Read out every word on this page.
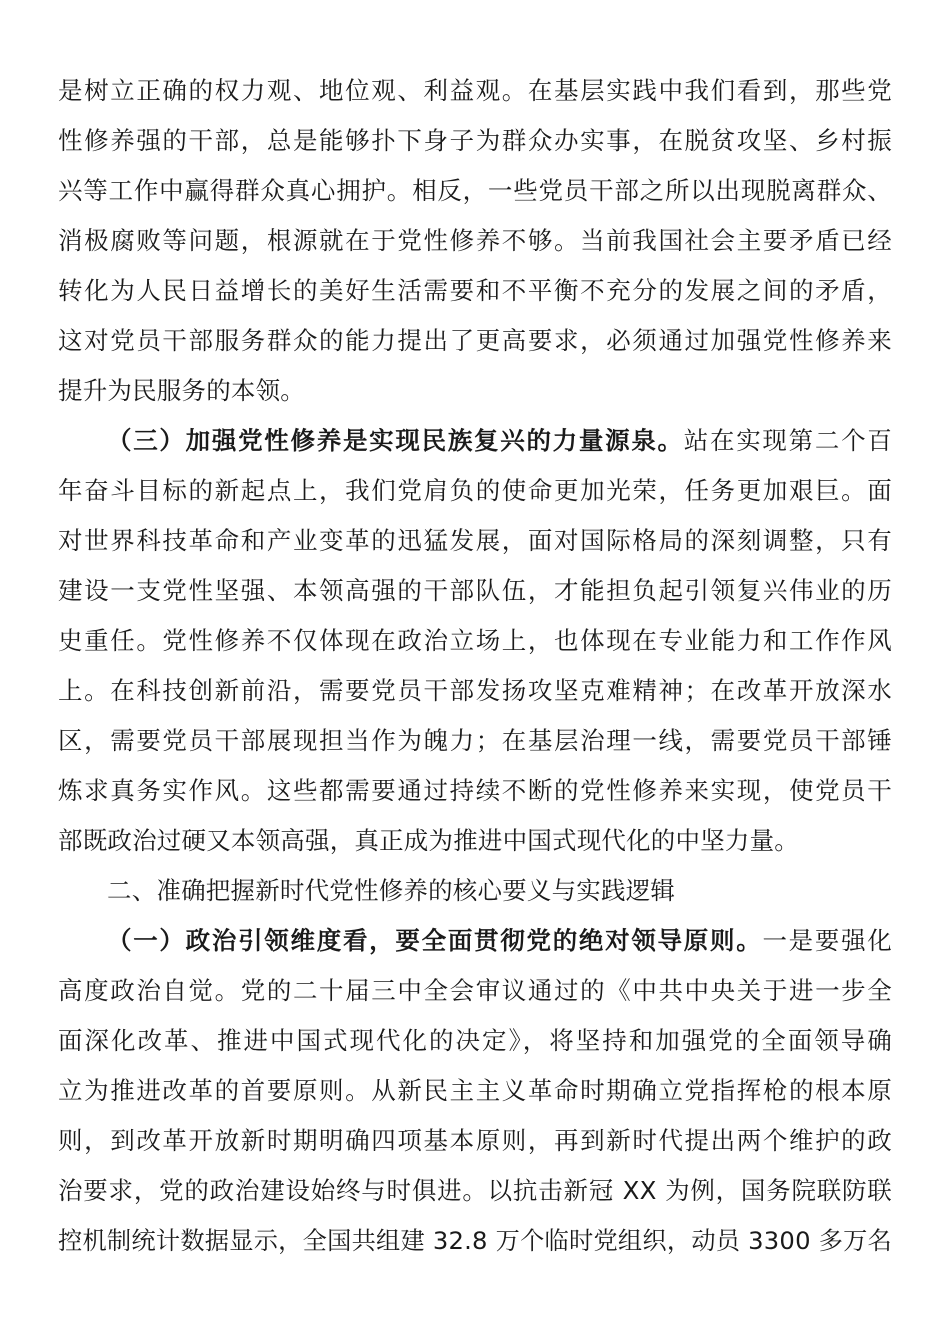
是树立正确的权力观、地位观、利益观。在基层实践中我们看到，那些党
性修养强的干部，总是能够扑下身子为群众办实事，在脱贫攻坚、乡村振
兴等工作中赢得群众真心拥护。相反，一些党员干部之所以出现脱离群众、
消极腐败等问题，根源就在于党性修养不够。当前我国社会主要矛盾已经
转化为人民日益增长的美好生活需要和不平衡不充分的发展之间的矛盾，
这对党员干部服务群众的能力提出了更高要求，必须通过加强党性修养来
提升为民服务的本领。
（三）加强党性修养是实现民族复兴的力量源泉。站在实现第二个百
年奋斗目标的新起点上，我们党肩负的使命更加光荣，任务更加艰巨。面
对世界科技革命和产业变革的迅猛发展，面对国际格局的深刻调整，只有
建设一支党性坚强、本领高强的干部队伍，才能担负起引领复兴伟业的历
史重任。党性修养不仅体现在政治立场上，也体现在专业能力和工作作风
上。在科技创新前沿，需要党员干部发扬攻坚克难精神；在改革开放深水
区，需要党员干部展现担当作为魄力；在基层治理一线，需要党员干部锤
炼求真务实作风。这些都需要通过持续不断的党性修养来实现，使党员干
部既政治过硬又本领高强，真正成为推进中国式现代化的中坚力量。
二、准确把握新时代党性修养的核心要义与实践逻辑
（一）政治引领维度看，要全面贯彻党的绝对领导原则。一是要强化
高度政治自觉。党的二十届三中全会审议通过的《中共中央关于进一步全
面深化改革、推进中国式现代化的决定》，将坚持和加强党的全面领导确
立为推进改革的首要原则。从新民主主义革命时期确立党指挥枪的根本原
则，到改革开放新时期明确四项基本原则，再到新时代提出两个维护的政
治要求，党的政治建设始终与时俱进。以抗击新冠 XX 为例，国务院联防联
控机制统计数据显示，全国共组建 32.8 万个临时党组织，动员 3300 多万名
